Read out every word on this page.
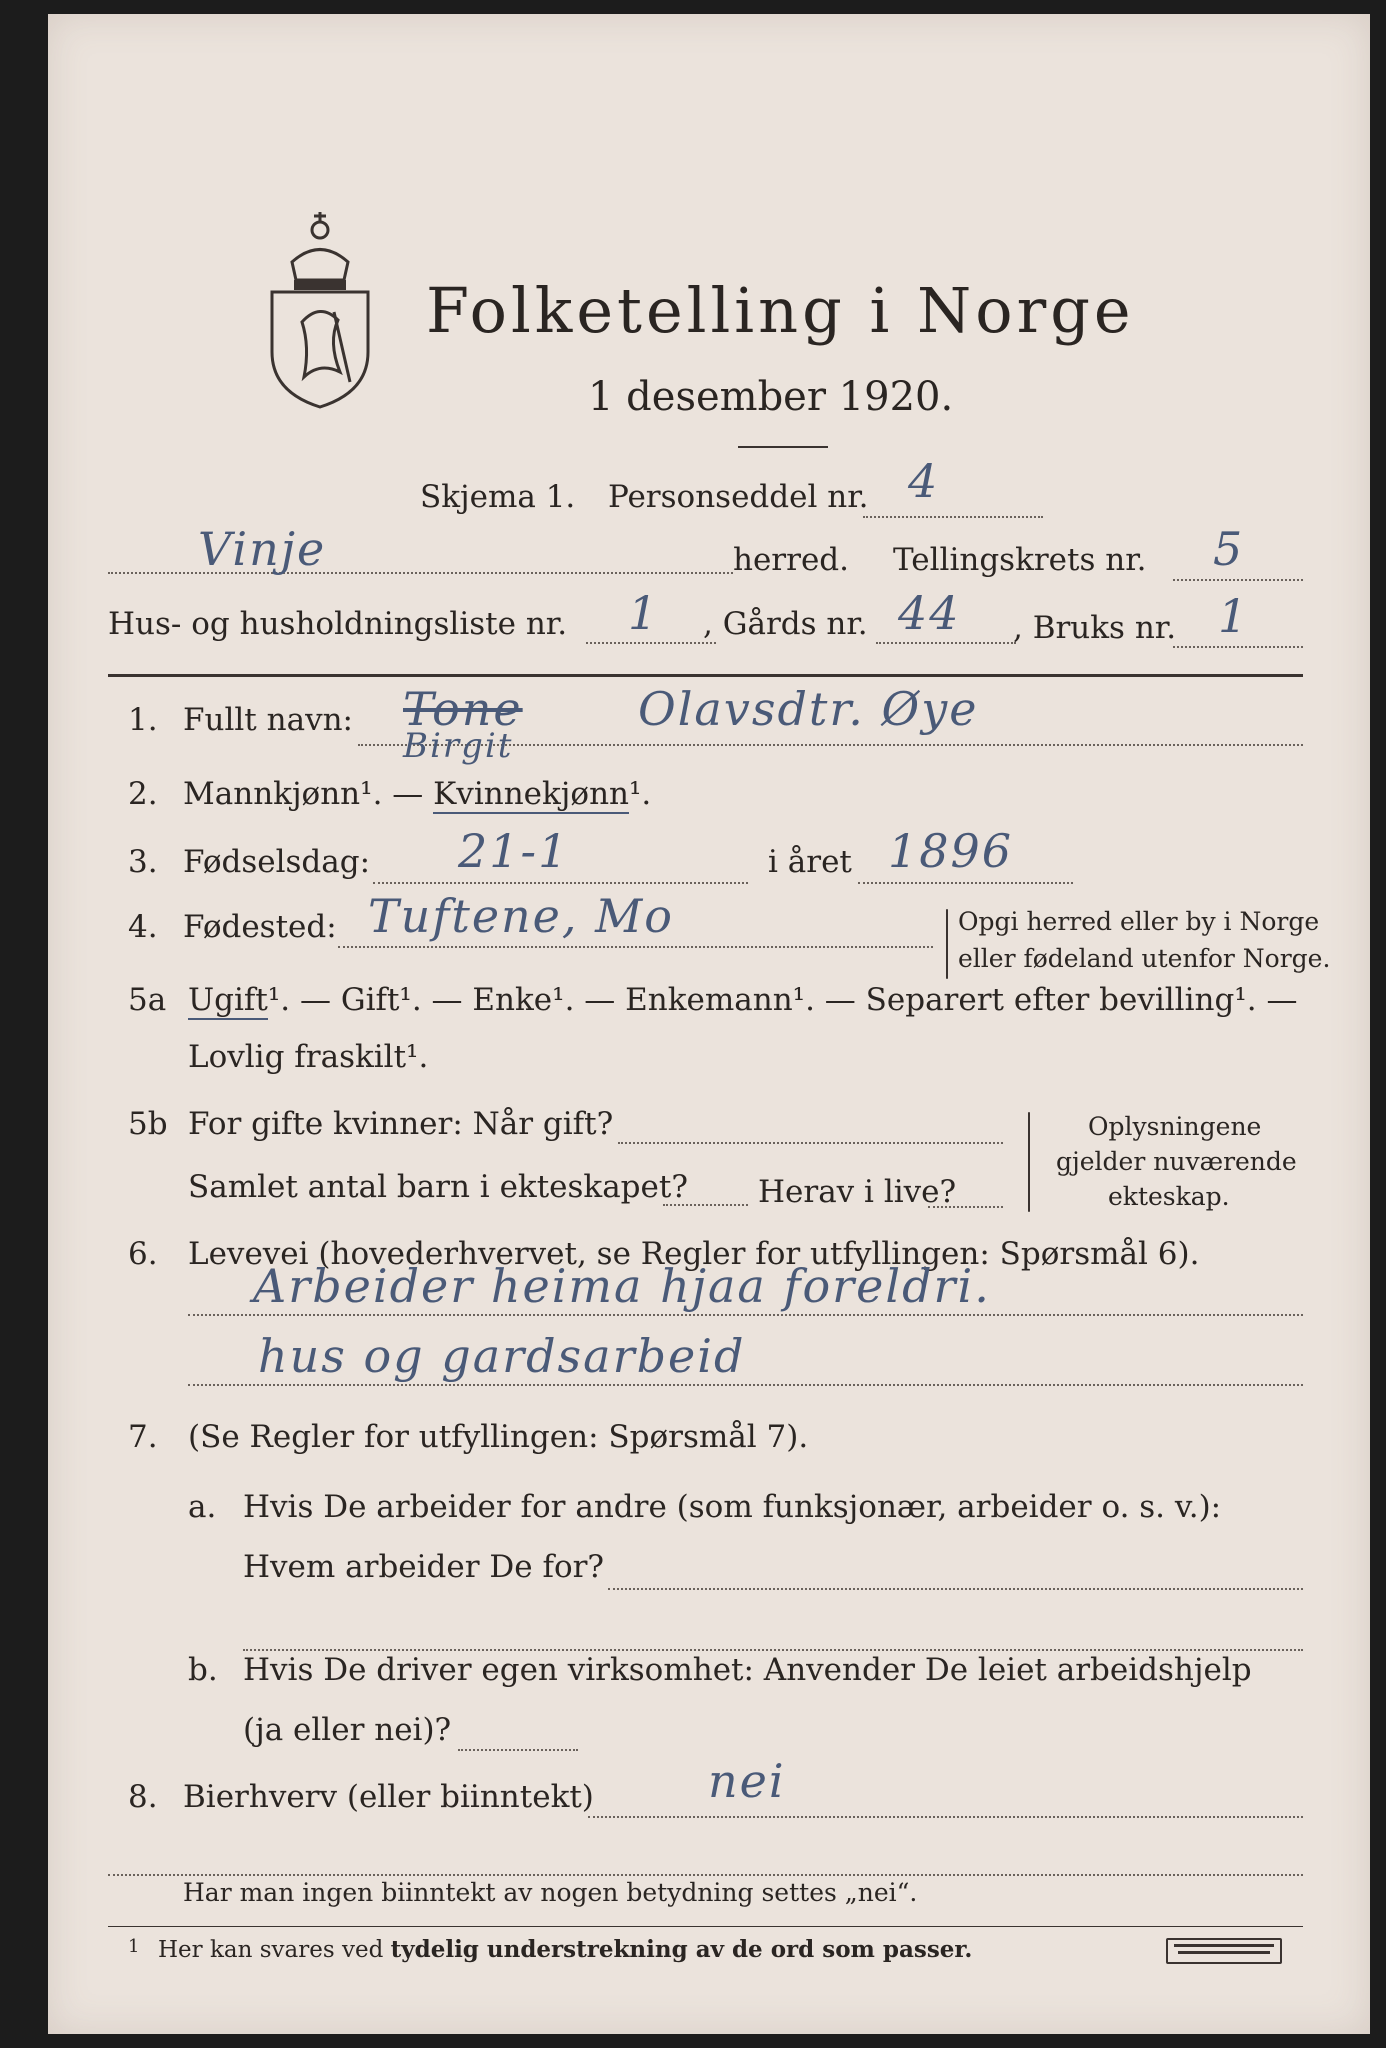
Folketelling i Norge
1 desember 1920.
Skjema 1. Personseddel nr. 4
Vinje	herred. Tellingskrets nr. 5
Hus- og husholdningsliste nr. 1 , Gårds nr. 44 , Bruks nr. 1
1. Fullt navn: Tone
Birgit
Olavsdtr. Øye
2. Mannkjønn¹. — Kvinnekjønn¹.
3. Fødselsdag: 21-1	i året 1896
4. Fødested: Tuftene, Mo	Opgi herred eller by i Norge
eller fødeland utenfor Norge.
5a Ugift¹. — Gift¹. — Enke¹. — Enkemann¹. — Separert efter bevilling¹. —
Lovlig fraskilt¹.
5b For gifte kvinner: Når gift?
Samlet antal barn i ekteskapet? Herav i live?
Oplysningene
gjelder nuværende
ekteskap.
6. Levevei (hovederhvervet, se Regler for utfyllingen: Spørsmål 6).
Arbeider heima hjaa foreldri.
hus og gardsarbeid
7. (Se Regler for utfyllingen: Spørsmål 7).
a. Hvis De arbeider for andre (som funksjonær, arbeider o. s. v.):
Hvem arbeider De for?
b. Hvis De driver egen virksomhet: Anvender De leiet arbeidshjelp
(ja eller nei)?
8. Bierhverv (eller biinntekt) nei
Har man ingen biinntekt av nogen betydning settes „nei“.
1 Her kan svares ved tydelig understrekning av de ord som passer.
